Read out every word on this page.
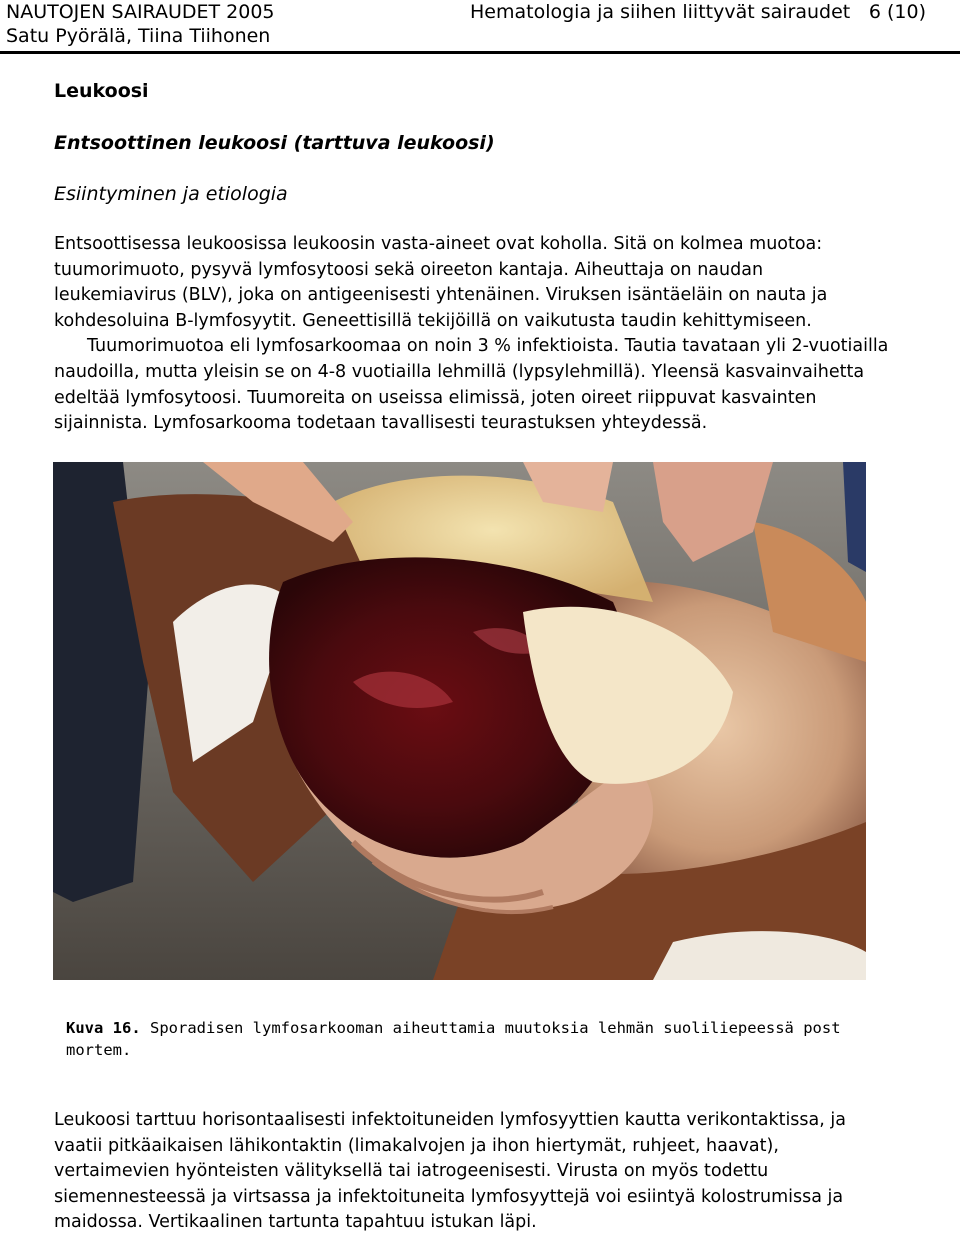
NAUTOJEN SAIRAUDET 2005
Satu Pyörälä, Tiina Tiihonen
Hematologia ja siihen liittyvät sairaudet 6 (10)
Leukoosi
Entsoottinen leukoosi (tarttuva leukoosi)
Esiintyminen ja etiologia
Entsoottisessa leukoosissa leukoosin vasta-aineet ovat koholla. Sitä on kolmea muotoa:
tuumorimuoto, pysyvä lymfosytoosi sekä oireeton kantaja. Aiheuttaja on naudan
leukemiavirus (BLV), joka on antigeenisesti yhtenäinen. Viruksen isäntäeläin on nauta ja
kohdesoluina B-lymfosyytit. Geneettisillä tekijöillä on vaikutusta taudin kehittymiseen.
Tuumorimuotoa eli lymfosarkoomaa on noin 3 % infektioista. Tautia tavataan yli 2-vuotiailla
naudoilla, mutta yleisin se on 4-8 vuotiailla lehmillä (lypsylehmillä). Yleensä kasvainvaihetta
edeltää lymfosytoosi. Tuumoreita on useissa elimissä, joten oireet riippuvat kasvainten
sijainnista. Lymfosarkooma todetaan tavallisesti teurastuksen yhteydessä.
Kuva 16. Sporadisen lymfosarkooman aiheuttamia muutoksia lehmän suoliliepeessä post
mortem.
Leukoosi tarttuu horisontaalisesti infektoituneiden lymfosyyttien kautta verikontaktissa, ja
vaatii pitkäaikaisen lähikontaktin (limakalvojen ja ihon hiertymät, ruhjeet, haavat),
vertaimevien hyönteisten välityksellä tai iatrogeenisesti. Virusta on myös todettu
siemennesteessä ja virtsassa ja infektoituneita lymfosyyttejä voi esiintyä kolostrumissa ja
maidossa. Vertikaalinen tartunta tapahtuu istukan läpi.
